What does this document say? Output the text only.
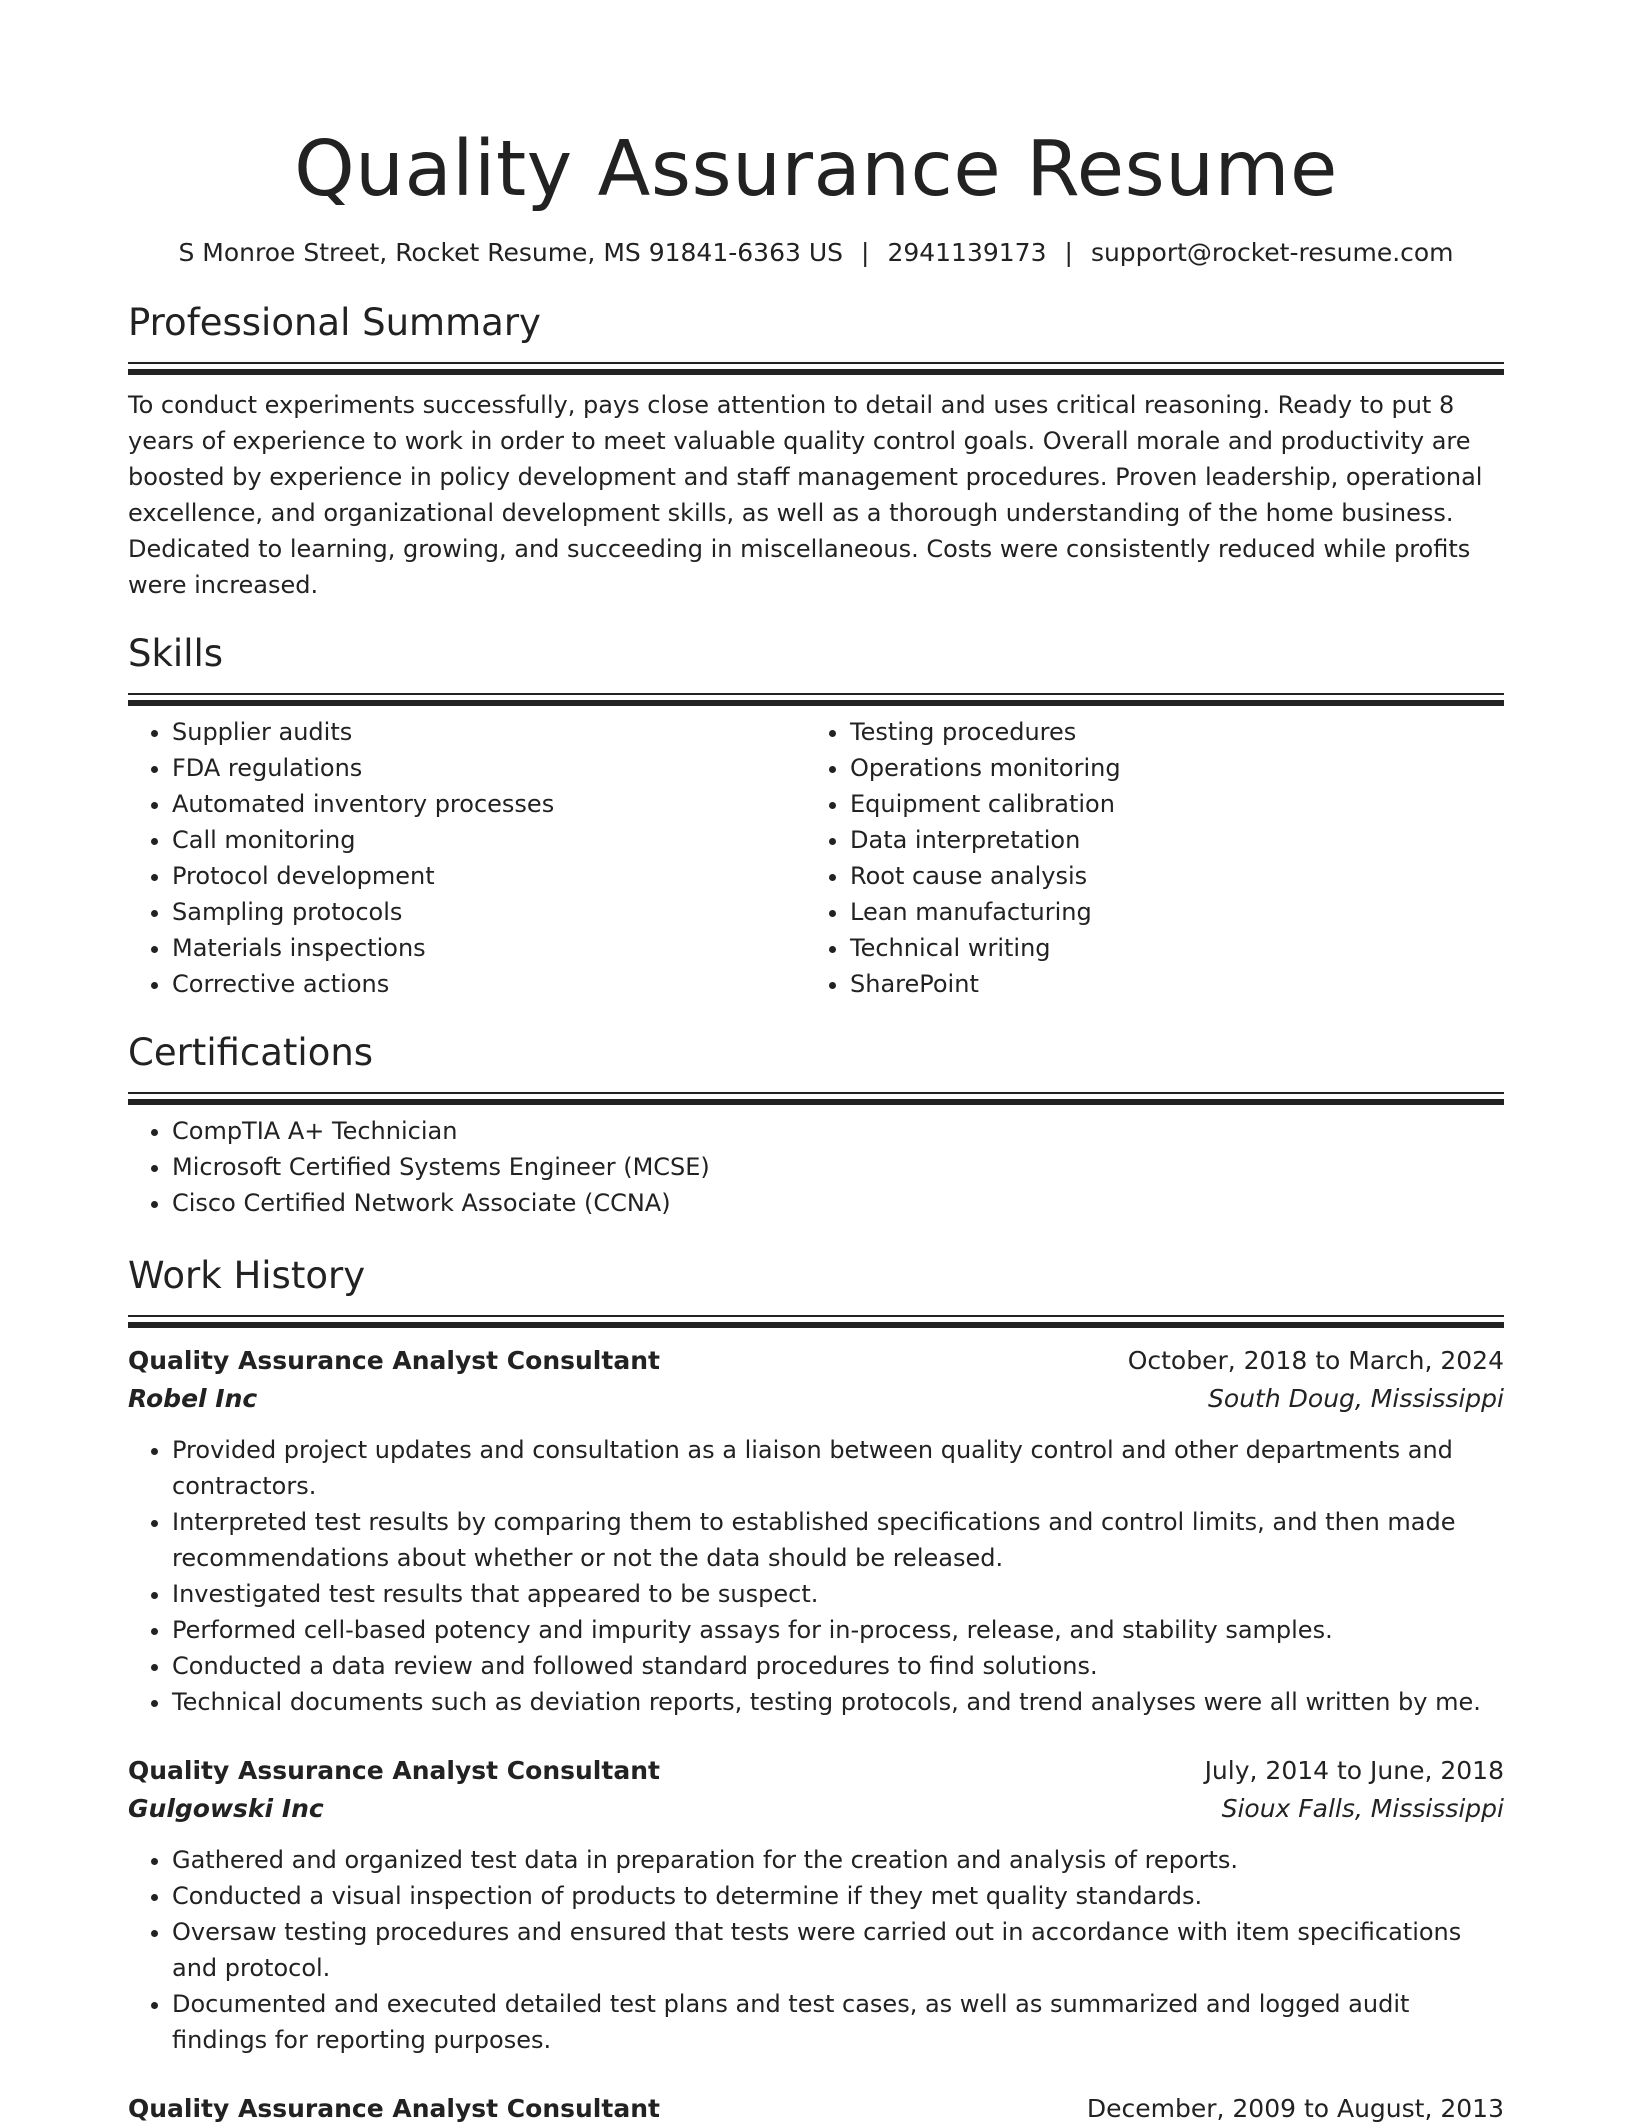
Quality Assurance Resume
S Monroe Street, Rocket Resume, MS 91841-6363 US | 2941139173 | support@rocket-resume.com
Professional Summary

To conduct experiments successfully, pays close attention to detail and uses critical reasoning. Ready to put 8 years of experience to work in order to meet valuable quality control goals. Overall morale and productivity are boosted by experience in policy development and staff management procedures. Proven leadership, operational excellence, and organizational development skills, as well as a thorough understanding of the home business. Dedicated to learning, growing, and succeeding in miscellaneous. Costs were consistently reduced while profits were increased.

Skills
• Supplier audits
• FDA regulations
• Automated inventory processes
• Call monitoring
• Protocol development
• Sampling protocols
• Materials inspections
• Corrective actions
• Testing procedures
• Operations monitoring
• Equipment calibration
• Data interpretation
• Root cause analysis
• Lean manufacturing
• Technical writing
• SharePoint
Certifications
• CompTIA A+ Technician
• Microsoft Certified Systems Engineer (MCSE)
• Cisco Certified Network Associate (CCNA)
Work History
Quality Assurance Analyst Consultant	October, 2018 to March, 2024
Robel Inc	South Doug, Mississippi
• Provided project updates and consultation as a liaison between quality control and other departments and contractors.
• Interpreted test results by comparing them to established specifications and control limits, and then made recommendations about whether or not the data should be released.
• Investigated test results that appeared to be suspect.
• Performed cell-based potency and impurity assays for in-process, release, and stability samples.
• Conducted a data review and followed standard procedures to find solutions.
• Technical documents such as deviation reports, testing protocols, and trend analyses were all written by me.
Quality Assurance Analyst Consultant	July, 2014 to June, 2018
Gulgowski Inc	Sioux Falls, Mississippi
• Gathered and organized test data in preparation for the creation and analysis of reports.
• Conducted a visual inspection of products to determine if they met quality standards.
• Oversaw testing procedures and ensured that tests were carried out in accordance with item specifications and protocol.
• Documented and executed detailed test plans and test cases, as well as summarized and logged audit findings for reporting purposes.
Quality Assurance Analyst Consultant	December, 2009 to August, 2013
